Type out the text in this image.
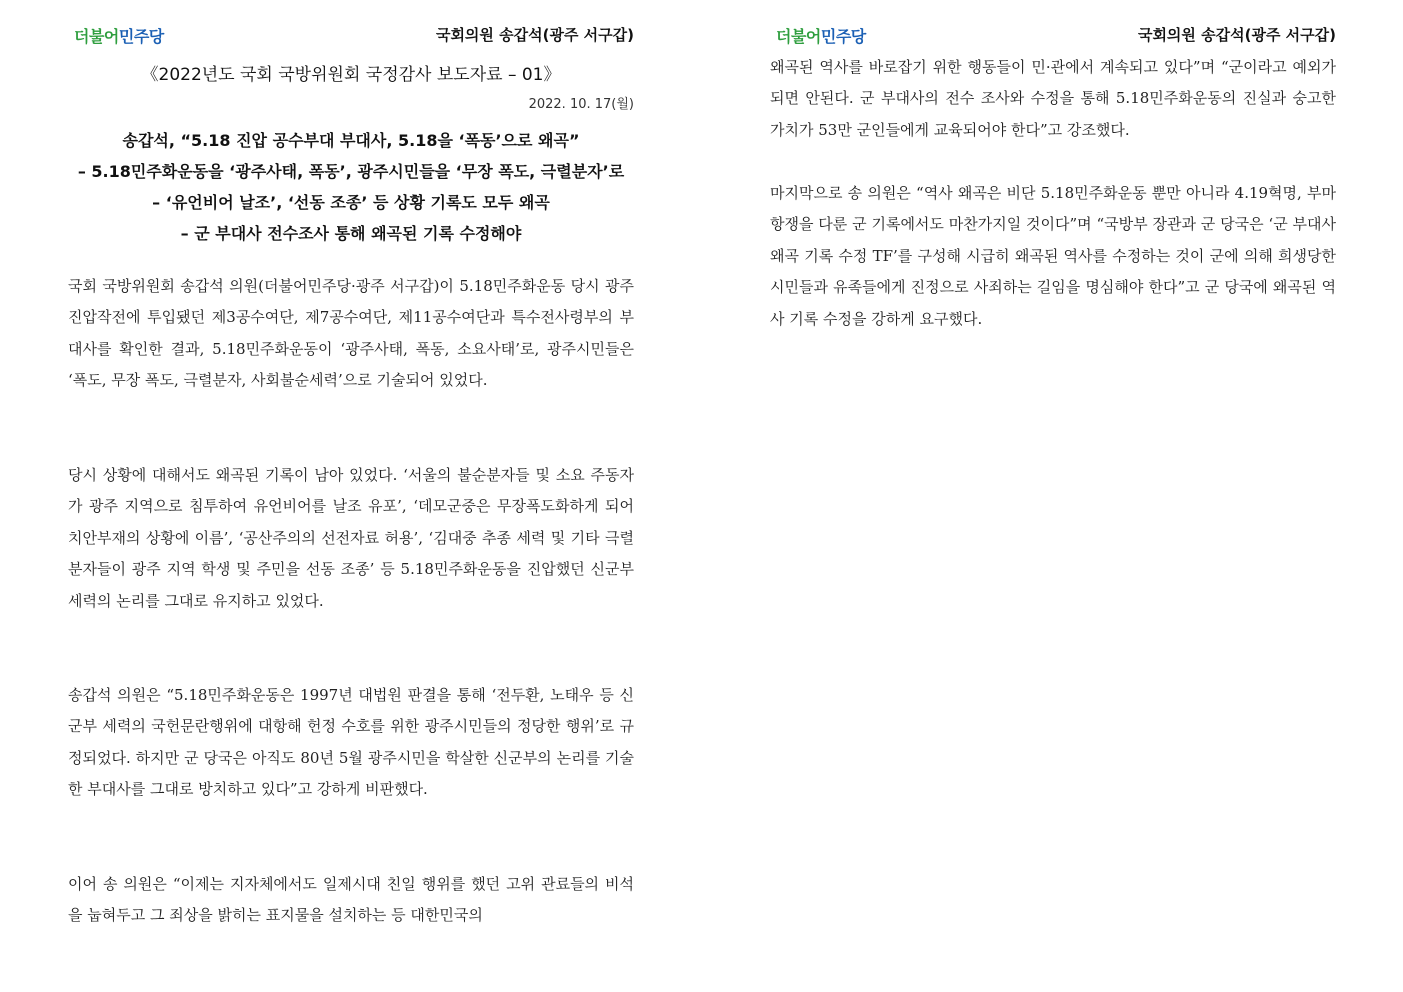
더불어민주당	국회의원 송갑석(광주 서구갑)
《2022년도 국회 국방위원회 국정감사 보도자료 – 01》
2022. 10. 17(월)
송갑석, “5.18 진압 공수부대 부대사, 5.18을 ‘폭동’으로 왜곡”
– 5.18민주화운동을 ‘광주사태, 폭동’, 광주시민들을 ‘무장 폭도, 극렬분자’로
– ‘유언비어 날조’, ‘선동 조종’ 등 상황 기록도 모두 왜곡
– 군 부대사 전수조사 통해 왜곡된 기록 수정해야
국회 국방위원회 송갑석 의원(더불어민주당·광주 서구갑)이 5.18민주화운동 당시 광주 진압작전에 투입됐던 제3공수여단, 제7공수여단, 제11공수여단과 특수전사령부의 부대사를 확인한 결과, 5.18민주화운동이 ‘광주사태, 폭동, 소요사태’로, 광주시민들은 ‘폭도, 무장 폭도, 극렬분자, 사회불순세력’으로 기술되어 있었다.
당시 상황에 대해서도 왜곡된 기록이 남아 있었다. ‘서울의 불순분자들 및 소요 주동자가 광주 지역으로 침투하여 유언비어를 날조 유포’, ‘데모군중은 무장폭도화하게 되어 치안부재의 상황에 이름’, ‘공산주의의 선전자료 허용’, ‘김대중 추종 세력 및 기타 극렬분자들이 광주 지역 학생 및 주민을 선동 조종’ 등 5.18민주화운동을 진압했던 신군부 세력의 논리를 그대로 유지하고 있었다.
송갑석 의원은 “5.18민주화운동은 1997년 대법원 판결을 통해 ‘전두환, 노태우 등 신군부 세력의 국헌문란행위에 대항해 헌정 수호를 위한 광주시민들의 정당한 행위’로 규정되었다. 하지만 군 당국은 아직도 80년 5월 광주시민을 학살한 신군부의 논리를 기술한 부대사를 그대로 방치하고 있다”고 강하게 비판했다.
이어 송 의원은 “이제는 지자체에서도 일제시대 친일 행위를 했던 고위 관료들의 비석을 눕혀두고 그 죄상을 밝히는 표지물을 설치하는 등 대한민국의
더불어민주당	국회의원 송갑석(광주 서구갑)
왜곡된 역사를 바로잡기 위한 행동들이 민·관에서 계속되고 있다”며 “군이라고 예외가 되면 안된다. 군 부대사의 전수 조사와 수정을 통해 5.18민주화운동의 진실과 숭고한 가치가 53만 군인들에게 교육되어야 한다”고 강조했다.
마지막으로 송 의원은 “역사 왜곡은 비단 5.18민주화운동 뿐만 아니라 4.19혁명, 부마항쟁을 다룬 군 기록에서도 마찬가지일 것이다”며 “국방부 장관과 군 당국은 ‘군 부대사 왜곡 기록 수정 TF’를 구성해 시급히 왜곡된 역사를 수정하는 것이 군에 의해 희생당한 시민들과 유족들에게 진정으로 사죄하는 길임을 명심해야 한다”고 군 당국에 왜곡된 역사 기록 수정을 강하게 요구했다.
